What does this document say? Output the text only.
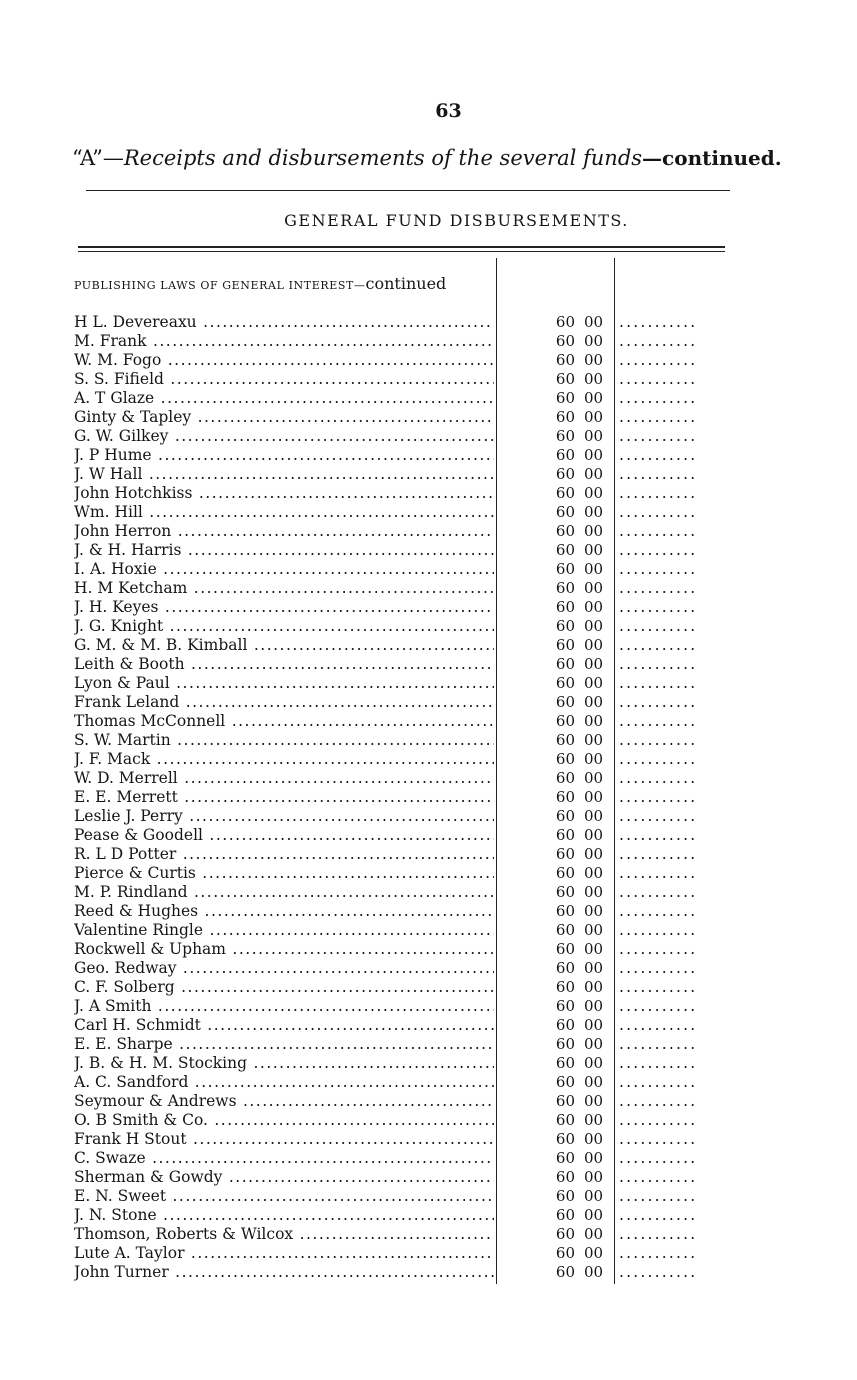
63
“A”—Receipts and disbursements of the several funds—continued.
GENERAL FUND DISBURSEMENTS.
PUBLISHING LAWS OF GENERAL INTEREST—continued
H L. Devereaxu .....	60 00	...........
M. Frank .....	60 00	...........
W. M. Fogo .....	60 00	...........
S. S. Fifield .....	60 00	...........
A. T Glaze .....	60 00	...........
Ginty & Tapley .....	60 00	...........
G. W. Gilkey .....	60 00	...........
J. P Hume .....	60 00	...........
J. W Hall .....	60 00	...........
John Hotchkiss .....	60 00	...........
Wm. Hill .....	60 00	...........
John Herron .....	60 00	...........
J. & H. Harris .....	60 00	...........
I. A. Hoxie .....	60 00	...........
H. M Ketcham .....	60 00	...........
J. H. Keyes .....	60 00	...........
J. G. Knight .....	60 00	...........
G. M. & M. B. Kimball .....	60 00	...........
Leith & Booth .....	60 00	...........
Lyon & Paul .....	60 00	...........
Frank Leland .....	60 00	...........
Thomas McConnell .....	60 00	...........
S. W. Martin .....	60 00	...........
J. F. Mack .....	60 00	...........
W. D. Merrell .....	60 00	...........
E. E. Merrett .....	60 00	...........
Leslie J. Perry .....	60 00	...........
Pease & Goodell .....	60 00	...........
R. L D Potter .....	60 00	...........
Pierce & Curtis .....	60 00	...........
M. P. Rindland .....	60 00	...........
Reed & Hughes .....	60 00	...........
Valentine Ringle .....	60 00	...........
Rockwell & Upham .....	60 00	...........
Geo. Redway .....	60 00	...........
C. F. Solberg .....	60 00	...........
J. A Smith .....	60 00	...........
Carl H. Schmidt .....	60 00	...........
E. E. Sharpe .....	60 00	...........
J. B. & H. M. Stocking .....	60 00	...........
A. C. Sandford .....	60 00	...........
Seymour & Andrews .....	60 00	...........
O. B Smith & Co. .....	60 00	...........
Frank H Stout .....	60 00	...........
C. Swaze .....	60 00	...........
Sherman & Gowdy .....	60 00	...........
E. N. Sweet .....	60 00	...........
J. N. Stone .....	60 00	...........
Thomson, Roberts & Wilcox .....	60 00	...........
Lute A. Taylor .....	60 00	...........
John Turner .....	60 00	...........
